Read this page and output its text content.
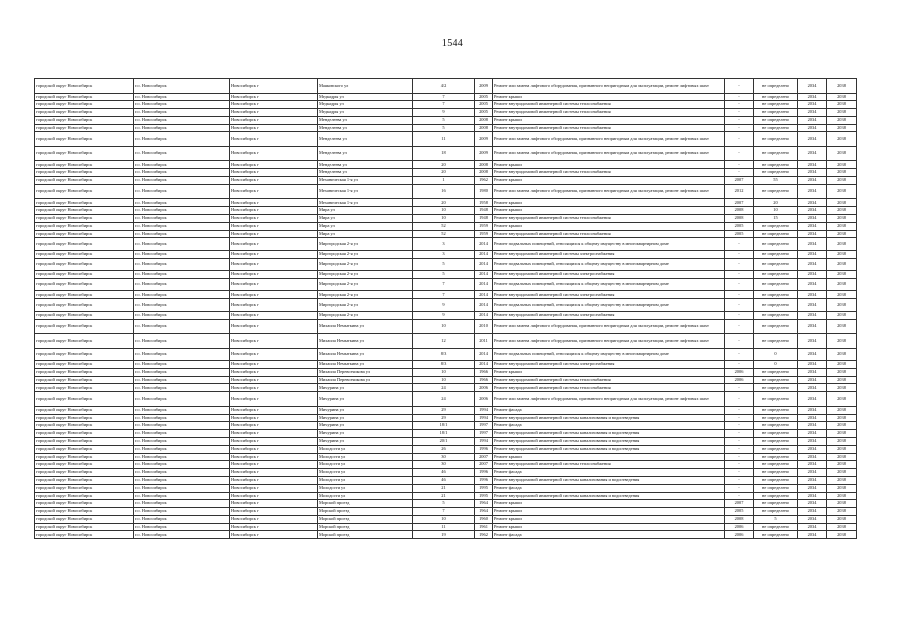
1544
городской округ Новосибирск	г.о. Новосибирск	Новосибирск г	Маяковского ул	4/2	2009	Ремонт или замена лифтового оборудования, признанного непригодным для эксплуатации, ремонт лифтовых шахт	-	не определено	2034	2038
городской округ Новосибирск	г.о. Новосибирск	Новосибирск г	Медкадры ул	7	2005	Ремонт крыши	-	не определено	2034	2038
городской округ Новосибирск	г.о. Новосибирск	Новосибирск г	Медкадры ул	7	2005	Ремонт внутридомовой инженерной системы теплоснабжения	-	не определено	2034	2038
городской округ Новосибирск	г.о. Новосибирск	Новосибирск г	Медкадры ул	9	2005	Ремонт внутридомовой инженерной системы теплоснабжения	-	не определено	2034	2038
городской округ Новосибирск	г.о. Новосибирск	Новосибирск г	Менделеева ул	5	2008	Ремонт крыши	-	не определено	2034	2038
городской округ Новосибирск	г.о. Новосибирск	Новосибирск г	Менделеева ул	5	2008	Ремонт внутридомовой инженерной системы теплоснабжения	-	не определено	2034	2038
городской округ Новосибирск	г.о. Новосибирск	Новосибирск г	Менделеева ул	11	2009	Ремонт или замена лифтового оборудования, признанного непригодным для эксплуатации, ремонт лифтовых шахт	-	не определено	2034	2038
городской округ Новосибирск	г.о. Новосибирск	Новосибирск г	Менделеева ул	18	2009	Ремонт или замена лифтового оборудования, признанного непригодным для эксплуатации, ремонт лифтовых шахт	-	не определено	2034	2038
городской округ Новосибирск	г.о. Новосибирск	Новосибирск г	Менделеева ул	20	2008	Ремонт крыши	-	не определено	2034	2038
городской округ Новосибирск	г.о. Новосибирск	Новосибирск г	Менделеева ул	20	2008	Ремонт внутридомовой инженерной системы теплоснабжения	-	не определено	2034	2038
городской округ Новосибирск	г.о. Новосибирск	Новосибирск г	Механическая 1-я ул	1	1962	Ремонт крыши	2007	55	2034	2038
городской округ Новосибирск	г.о. Новосибирск	Новосибирск г	Механическая 1-я ул	16	1980	Ремонт или замена лифтового оборудования, признанного непригодным для эксплуатации, ремонт лифтовых шахт	2012	не определено	2034	2038
городской округ Новосибирск	г.о. Новосибирск	Новосибирск г	Механическая 1-я ул	20	1958	Ремонт крыши	2007	20	2034	2038
городской округ Новосибирск	г.о. Новосибирск	Новосибирск г	Мира ул	10	1948	Ремонт крыши	2008	10	2034	2038
городской округ Новосибирск	г.о. Новосибирск	Новосибирск г	Мира ул	10	1948	Ремонт внутридомовой инженерной системы теплоснабжения	2008	15	2034	2038
городской округ Новосибирск	г.о. Новосибирск	Новосибирск г	Мира ул	52	1959	Ремонт крыши	2005	не определено	2034	2038
городской округ Новосибирск	г.о. Новосибирск	Новосибирск г	Мира ул	52	1959	Ремонт внутридомовой инженерной системы теплоснабжения	2005	не определено	2034	2038
городской округ Новосибирск	г.о. Новосибирск	Новосибирск г	Миргородская 2-я ул	3	2014	Ремонт подвальных помещений, относящихся к общему имуществу в многоквартирном доме	-	не определено	2034	2038
городской округ Новосибирск	г.о. Новосибирск	Новосибирск г	Миргородская 2-я ул	3	2014	Ремонт внутридомовой инженерной системы электроснабжения	-	не определено	2034	2038
городской округ Новосибирск	г.о. Новосибирск	Новосибирск г	Миргородская 2-я ул	5	2014	Ремонт подвальных помещений, относящихся к общему имуществу в многоквартирном доме	-	не определено	2034	2038
городской округ Новосибирск	г.о. Новосибирск	Новосибирск г	Миргородская 2-я ул	5	2014	Ремонт внутридомовой инженерной системы электроснабжения	-	не определено	2034	2038
городской округ Новосибирск	г.о. Новосибирск	Новосибирск г	Миргородская 2-я ул	7	2014	Ремонт подвальных помещений, относящихся к общему имуществу в многоквартирном доме	-	не определено	2034	2038
городской округ Новосибирск	г.о. Новосибирск	Новосибирск г	Миргородская 2-я ул	7	2014	Ремонт внутридомовой инженерной системы электроснабжения	-	не определено	2034	2038
городской округ Новосибирск	г.о. Новосибирск	Новосибирск г	Миргородская 2-я ул	9	2014	Ремонт подвальных помещений, относящихся к общему имуществу в многоквартирном доме	-	не определено	2034	2038
городской округ Новосибирск	г.о. Новосибирск	Новосибирск г	Миргородская 2-я ул	9	2014	Ремонт внутридомовой инженерной системы электроснабжения	-	не определено	2034	2038
городской округ Новосибирск	г.о. Новосибирск	Новосибирск г	Михаила Немыткина ул	10	2010	Ремонт или замена лифтового оборудования, признанного непригодным для эксплуатации, ремонт лифтовых шахт	-	не определено	2034	2038
городской округ Новосибирск	г.о. Новосибирск	Новосибирск г	Михаила Немыткина ул	12	2011	Ремонт или замена лифтового оборудования, признанного непригодным для эксплуатации, ремонт лифтовых шахт	-	не определено	2034	2038
городской округ Новосибирск	г.о. Новосибирск	Новосибирск г	Михаила Немыткина ул	8/3	2014	Ремонт подвальных помещений, относящихся к общему имуществу в многоквартирном доме	-	0	2034	2038
городской округ Новосибирск	г.о. Новосибирск	Новосибирск г	Михаила Немыткина ул	8/3	2014	Ремонт внутридомовой инженерной системы электроснабжения	-	0	2034	2038
городской округ Новосибирск	г.о. Новосибирск	Новосибирск г	Михаила Перевозчикова ул	10	1966	Ремонт крыши	2006	не определено	2034	2038
городской округ Новосибирск	г.о. Новосибирск	Новосибирск г	Михаила Перевозчикова ул	10	1966	Ремонт внутридомовой инженерной системы теплоснабжения	2006	не определено	2034	2038
городской округ Новосибирск	г.о. Новосибирск	Новосибирск г	Мичурина ул	24	2006	Ремонт внутридомовой инженерной системы теплоснабжения	-	не определено	2034	2038
городской округ Новосибирск	г.о. Новосибирск	Новосибирск г	Мичурина ул	24	2006	Ремонт или замена лифтового оборудования, признанного непригодным для эксплуатации, ремонт лифтовых шахт	-	не определено	2034	2038
городской округ Новосибирск	г.о. Новосибирск	Новосибирск г	Мичурина ул	29	1994	Ремонт фасада	-	не определено	2034	2038
городской округ Новосибирск	г.о. Новосибирск	Новосибирск г	Мичурина ул	29	1994	Ремонт внутридомовой инженерной системы канализования и водоотведения	-	не определено	2034	2038
городской округ Новосибирск	г.о. Новосибирск	Новосибирск г	Мичурина ул	18/1	1997	Ремонт фасада	-	не определено	2034	2038
городской округ Новосибирск	г.о. Новосибирск	Новосибирск г	Мичурина ул	18/1	1997	Ремонт внутридомовой инженерной системы канализования и водоотведения	-	не определено	2034	2038
городской округ Новосибирск	г.о. Новосибирск	Новосибирск г	Мичурина ул	20/1	1994	Ремонт внутридомовой инженерной системы канализования и водоотведения	-	не определено	2034	2038
городской округ Новосибирск	г.о. Новосибирск	Новосибирск г	Молодости ул	26	1996	Ремонт внутридомовой инженерной системы канализования и водоотведения	-	не определено	2034	2038
городской округ Новосибирск	г.о. Новосибирск	Новосибирск г	Молодости ул	30	2007	Ремонт крыши	-	не определено	2034	2038
городской округ Новосибирск	г.о. Новосибирск	Новосибирск г	Молодости ул	30	2007	Ремонт внутридомовой инженерной системы теплоснабжения	-	не определено	2034	2038
городской округ Новосибирск	г.о. Новосибирск	Новосибирск г	Молодости ул	46	1996	Ремонт фасада	-	не определено	2034	2038
городской округ Новосибирск	г.о. Новосибирск	Новосибирск г	Молодости ул	46	1996	Ремонт внутридомовой инженерной системы канализования и водоотведения	-	не определено	2034	2038
городской округ Новосибирск	г.о. Новосибирск	Новосибирск г	Молодости ул	21	1995	Ремонт фасада	-	не определено	2034	2038
городской округ Новосибирск	г.о. Новосибирск	Новосибирск г	Молодости ул	21	1995	Ремонт внутридомовой инженерной системы канализования и водоотведения	-	не определено	2034	2038
городской округ Новосибирск	г.о. Новосибирск	Новосибирск г	Морской проезд	5	1964	Ремонт крыши	2007	не определено	2034	2038
городской округ Новосибирск	г.о. Новосибирск	Новосибирск г	Морской проезд	7	1964	Ремонт крыши	2005	не определено	2034	2038
городской округ Новосибирск	г.о. Новосибирск	Новосибирск г	Морской проезд	10	1960	Ремонт крыши	2008	5	2034	2038
городской округ Новосибирск	г.о. Новосибирск	Новосибирск г	Морской проезд	11	1961	Ремонт крыши	2006	не определено	2034	2038
городской округ Новосибирск	г.о. Новосибирск	Новосибирск г	Морской проезд	19	1962	Ремонт фасада	2006	не определено	2034	2038
